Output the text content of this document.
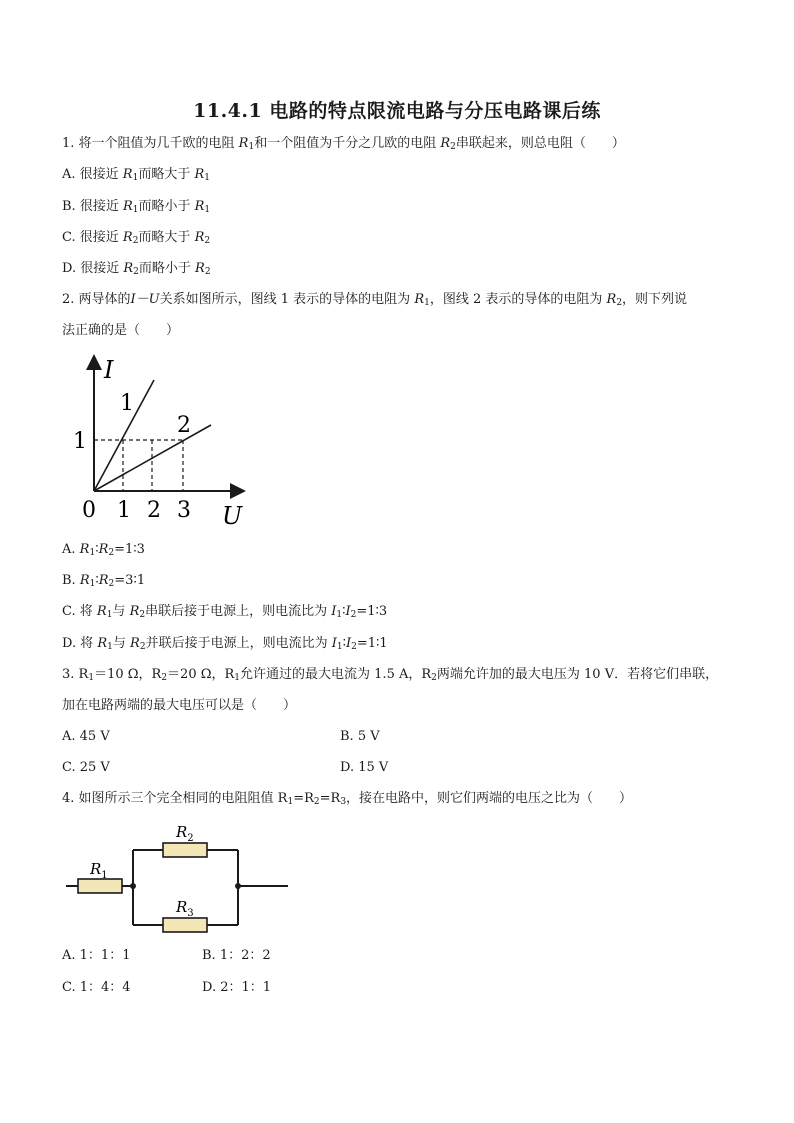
11.4.1 电路的特点限流电路与分压电路课后练
1. 将一个阻值为几千欧的电阻 $R_1$和一个阻值为千分之几欧的电阻 $R_2$串联起来，则总电阻（　　）
A. 很接近 $R_1$而略大于 $R_1$
B. 很接近 $R_1$而略小于 $R_1$
C. 很接近 $R_2$而略大于 $R_2$
D. 很接近 $R_2$而略小于 $R_2$
2. 两导体的I－U关系如图所示，图线 1 表示的导体的电阻为 $R_1$，图线 2 表示的导体的电阻为 $R_2$，则下列说
法正确的是（　　）
I
U
0 1 2 3
1
1
2
A. $R_1∶R_2=1∶3$
B. $R_1∶R_2=3∶1$
C. 将 $R_1$与 $R_2$串联后接于电源上，则电流比为 $I_1∶I_2=1∶3$
D. 将 $R_1$与 $R_2$并联后接于电源上，则电流比为 $I_1∶I_2=1∶1$
3. $R_1=10$ Ω，$R_2=20$ Ω，$R_1$允许通过的最大电流为 1.5 A，$R_2$两端允许加的最大电压为 10 V．若将它们串联，
加在电路两端的最大电压可以是（　　）
A. 45 V	B. 5 V
C. 25 V	D. 15 V
4. 如图所示三个完全相同的电阻阻值 $R_1=R_2=R_3$，接在电路中，则它们两端的电压之比为（　　）
$R_1$
$R_2$
$R_3$
A. 1：1：1	B. 1：2：2
C. 1：4：4	D. 2：1：1
